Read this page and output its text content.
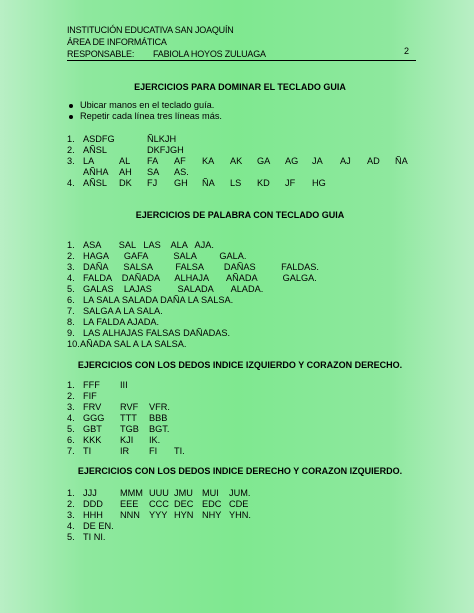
INSTITUCIÓN EDUCATIVA SAN JOAQUÍN
ÁREA DE INFORMÁTICA
RESPONSABLE: FABIOLA HOYOS ZULUAGA	2
EJERCICIOS PARA DOMINAR EL TECLADO GUIA
Ubicar manos en el teclado guía.
Repetir cada línea tres líneas más.
1. ASDFG	ÑLKJH
2. AÑSL	DKFJGH
3. LA	AL FA AF KA AK GA AG JA AJ AD ÑA
AÑHA AH SA AS.
4. AÑSL DK FJ GH ÑA LS KD JF HG
EJERCICIOS DE PALABRA CON TECLADO GUIA
1. ASA       SAL   LAS    ALA   AJA.
2. HAGA      GAFA          SALA         GALA.
3. DAÑA      SALSA         FALSA        DAÑAS          FALDAS.
4. FALDA    DAÑADA      ALHAJA       AÑADA          GALGA.
5. GALAS    LAJAS          SALADA       ALADA.
6. LA SALA SALADA DAÑA LA SALSA.
7. SALGA A LA SALA.
8. LA FALDA AJADA.
9. LAS ALHAJAS FALSAS DAÑADAS.
10. AÑADA SAL A LA SALSA.
EJERCICIOS CON LOS DEDOS INDICE IZQUIERDO Y CORAZON DERECHO.
1. FFF III
2. FIF
3. FRV RVF VFR.
4. GGG TTT BBB
5. GBT TGB BGT.
6. KKK KJI IK.
7. TI	IR FI TI.
EJERCICIOS CON LOS DEDOS INDICE DERECHO Y CORAZON IZQUIERDO.
1. JJJ	MMM UUU JMU MUI JUM.
2. DDD EEE CCC DEC EDC CDE
3. HHH NNN YYY HYN NHY YHN.
4. DE EN.
5. TI NI.
